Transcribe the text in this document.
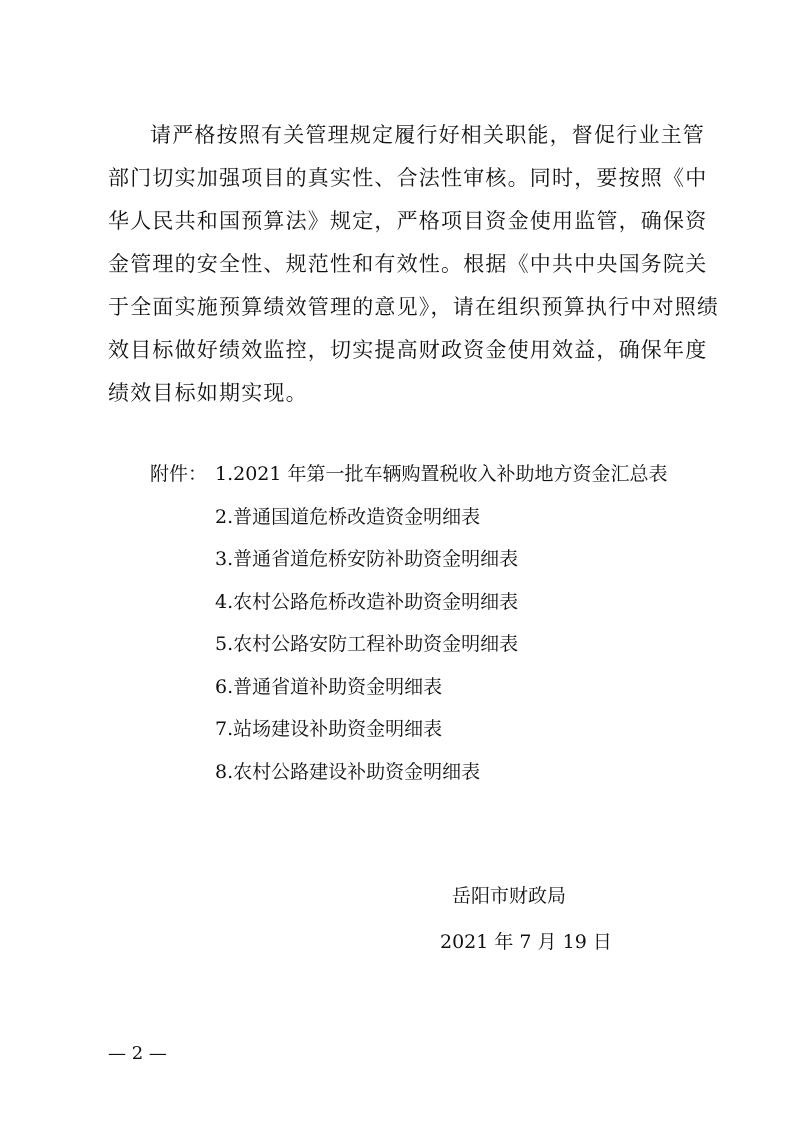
请严格按照有关管理规定履行好相关职能，督促行业主管
部门切实加强项目的真实性、合法性审核。同时，要按照《中
华人民共和国预算法》规定，严格项目资金使用监管，确保资
金管理的安全性、规范性和有效性。根据《中共中央国务院关
于全面实施预算绩效管理的意见》，请在组织预算执行中对照绩
效目标做好绩效监控，切实提高财政资金使用效益，确保年度
绩效目标如期实现。

附件： 1.2021 年第一批车辆购置税收入补助地方资金汇总表
2.普通国道危桥改造资金明细表
3.普通省道危桥安防补助资金明细表
4.农村公路危桥改造补助资金明细表
5.农村公路安防工程补助资金明细表
6.普通省道补助资金明细表
7.站场建设补助资金明细表
8.农村公路建设补助资金明细表
岳阳市财政局
2021 年 7 月 19 日
— 2 —
